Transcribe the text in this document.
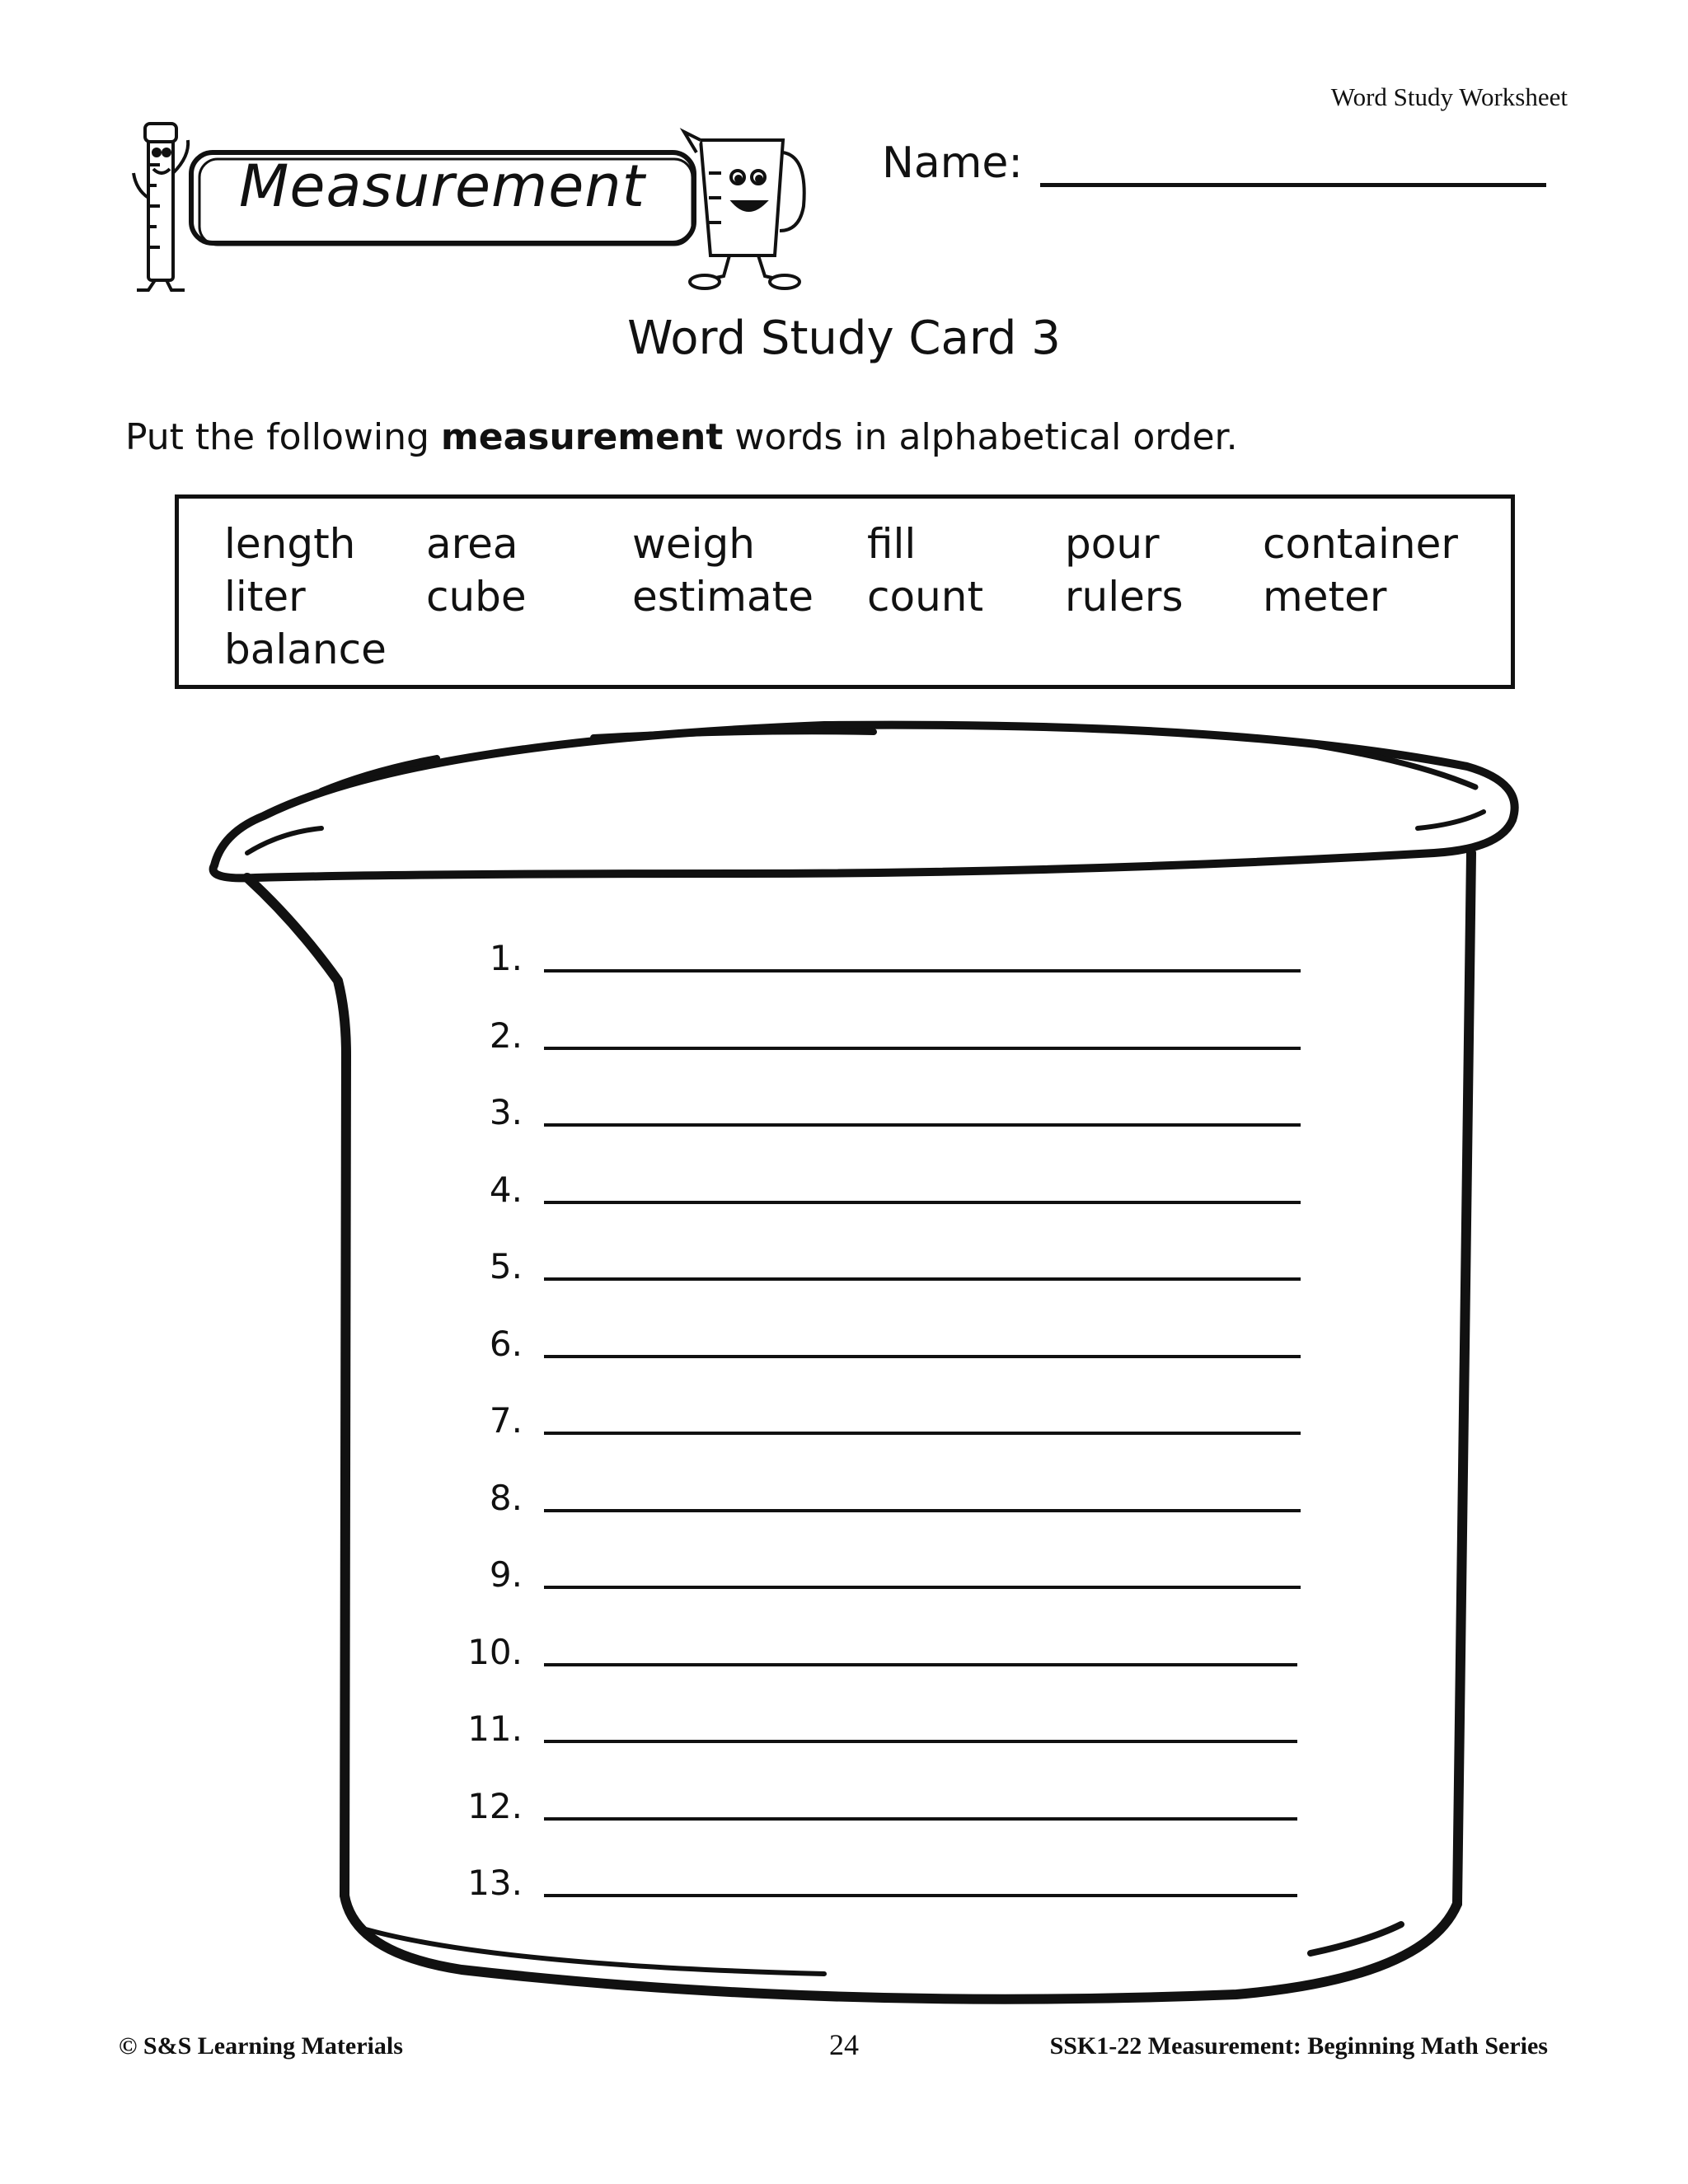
Word Study Worksheet
Measurement	Name:
Word Study Card 3
Put the following measurement words in alphabetical order.
length area	weigh	fill	pour	container
liter	cube	estimate count rulers meter
balance
1.
2.
3.
4.
5.
6.
7.
8.
9.
10.
11.
12.
13.
© S&S Learning Materials	24	SSK1-22 Measurement: Beginning Math Series
